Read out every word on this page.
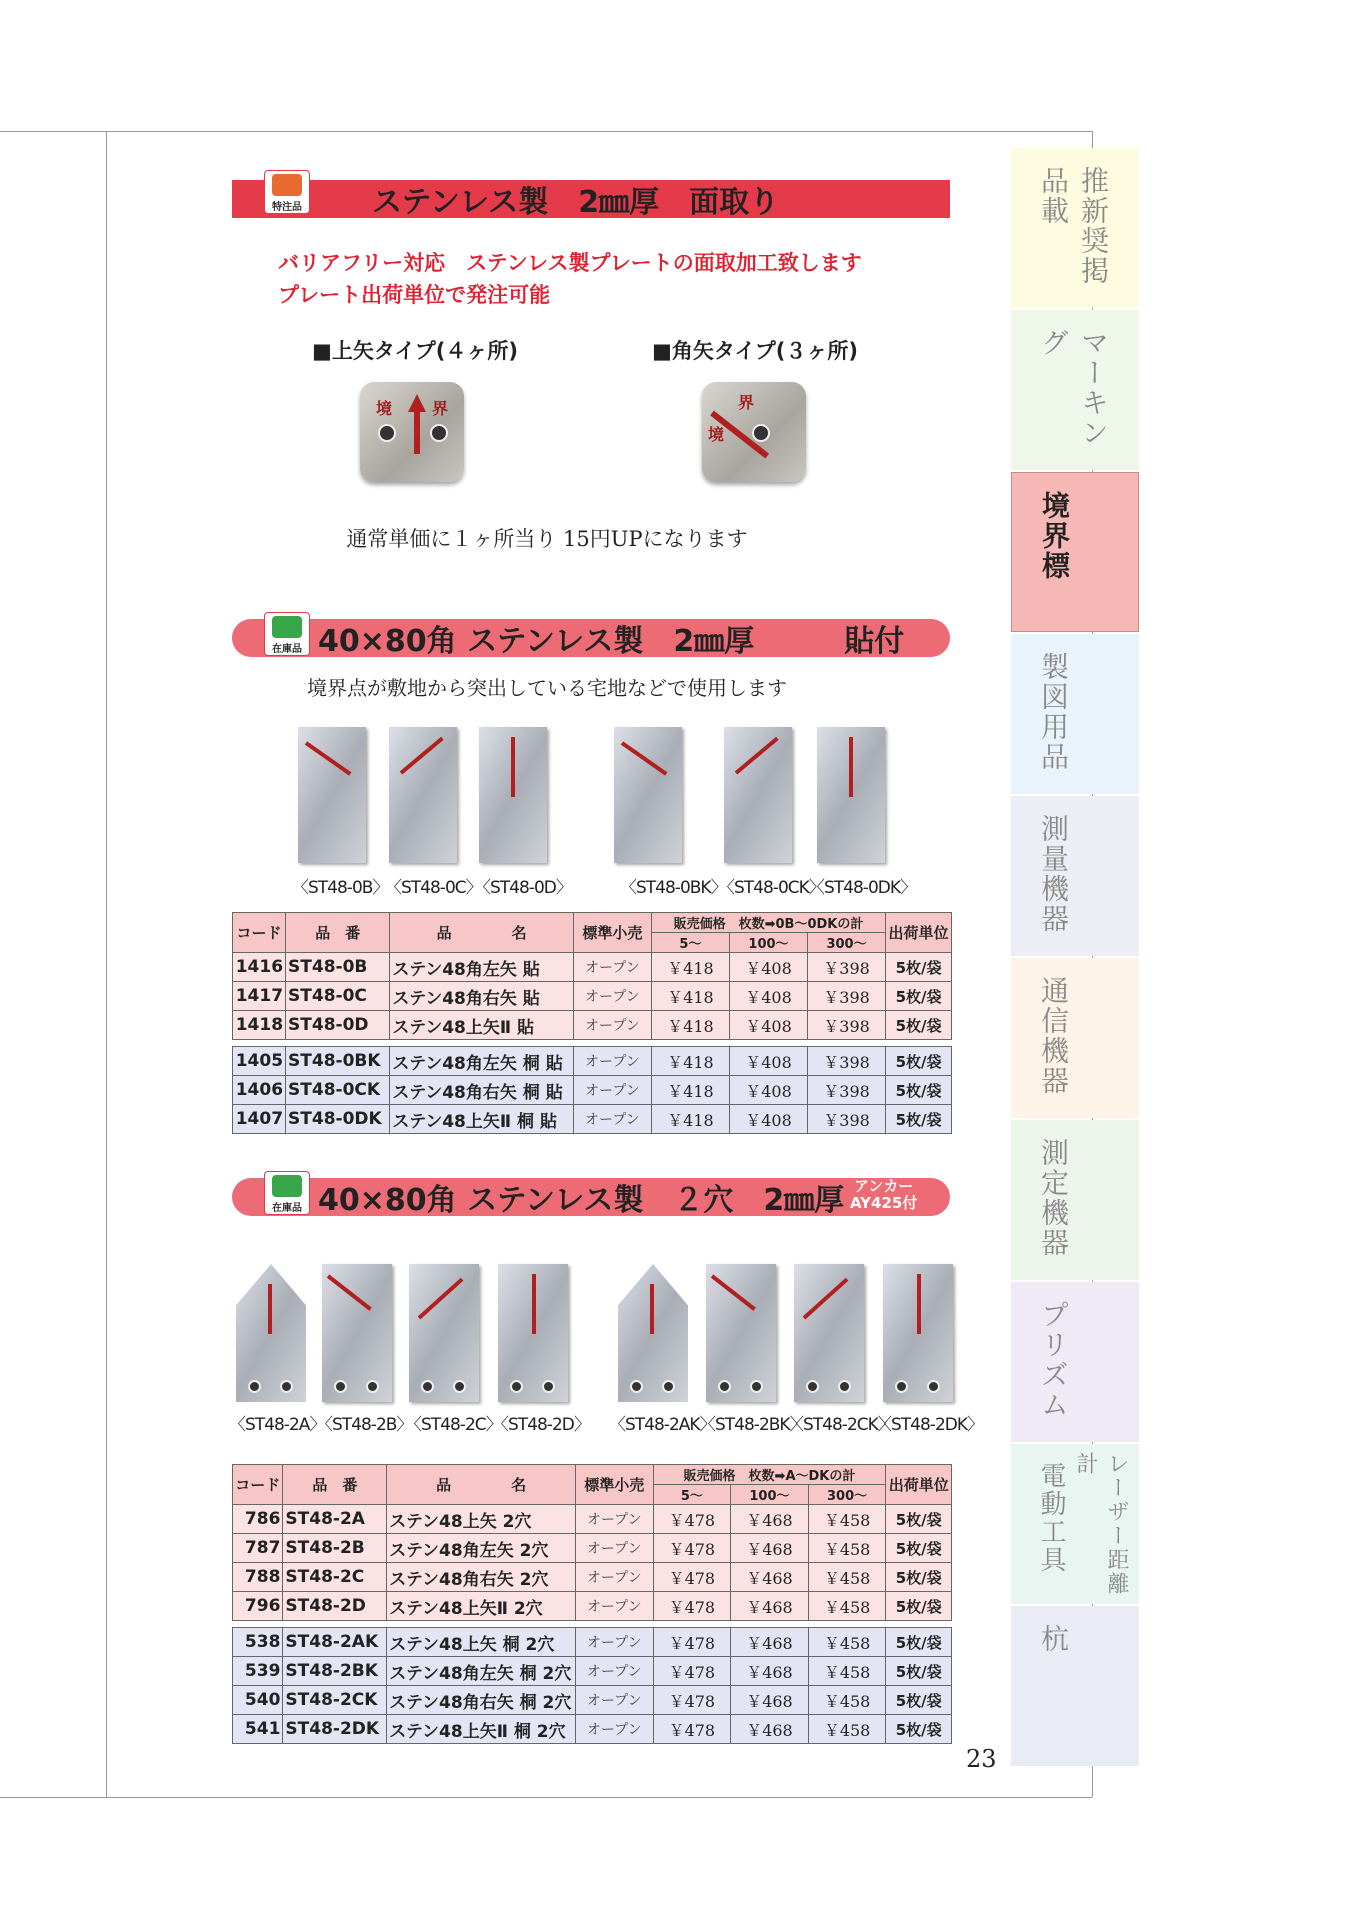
ステンレス製　2㎜厚　面取り
特注品
バリアフリー対応　ステンレス製プレートの面取加工致します
プレート出荷単位で発注可能
■上矢タイプ(４ヶ所)	■角矢タイプ(３ヶ所)
境 界	界
境
通常単価に１ヶ所当り 15円UPになります
40×80角 ステンレス製　2㎜厚　　　貼付
在庫品
境界点が敷地から突出している宅地などで使用します
〈ST48-0B〉
〈ST48-0C〉
〈ST48-0D〉	〈ST48-0BK〉
〈ST48-0CK〉
〈ST48-0DK〉
コード	品　番	品　　　　名	標準小売	販売価格　枚数➡0B～0DKの計			出荷単位
				5～	100～	300～	
1416	ST48-0B	ステン48角左矢 貼	オープン	￥418	￥408	￥398	5枚/袋
1417	ST48-0C	ステン48角右矢 貼	オープン	￥418	￥408	￥398	5枚/袋
1418	ST48-0D	ステン48上矢Ⅱ 貼	オープン	￥418	￥408	￥398	5枚/袋

1405	ST48-0BK	ステン48角左矢 桐 貼	オープン	￥418	￥408	￥398	5枚/袋
1406	ST48-0CK	ステン48角右矢 桐 貼	オープン	￥418	￥408	￥398	5枚/袋
1407	ST48-0DK	ステン48上矢Ⅱ 桐 貼	オープン	￥418	￥408	￥398	5枚/袋
40×80角 ステンレス製　２穴　2㎜厚 アンカー
AY425付
在庫品
〈ST48-2A〉
〈ST48-2B〉
〈ST48-2C〉
〈ST48-2D〉 〈ST48-2AK〉
〈ST48-2BK〉
〈ST48-2CK〉
〈ST48-2DK〉
コード	品　番	品　　　　名	標準小売	販売価格　枚数➡A～DKの計			出荷単位
				5～	100～	300～	
786	ST48-2A	ステン48上矢 2穴	オープン	￥478	￥468	￥458	5枚/袋
787	ST48-2B	ステン48角左矢 2穴	オープン	￥478	￥468	￥458	5枚/袋
788	ST48-2C	ステン48角右矢 2穴	オープン	￥478	￥468	￥458	5枚/袋
796	ST48-2D	ステン48上矢Ⅱ 2穴	オープン	￥478	￥468	￥458	5枚/袋

538	ST48-2AK	ステン48上矢 桐 2穴	オープン	￥478	￥468	￥458	5枚/袋
539	ST48-2BK	ステン48角左矢 桐 2穴	オープン	￥478	￥468	￥458	5枚/袋
540	ST48-2CK	ステン48角右矢 桐 2穴	オープン	￥478	￥468	￥458	5枚/袋
541	ST48-2DK	ステン48上矢Ⅱ 桐 2穴	オープン	￥478	￥468	￥458	5枚/袋
推新奨掲品載
マーキング
境界標
製図用品
測量機器
通信機器
測定機器
プリズム
電動工具	レーザー距離計
杭
23
